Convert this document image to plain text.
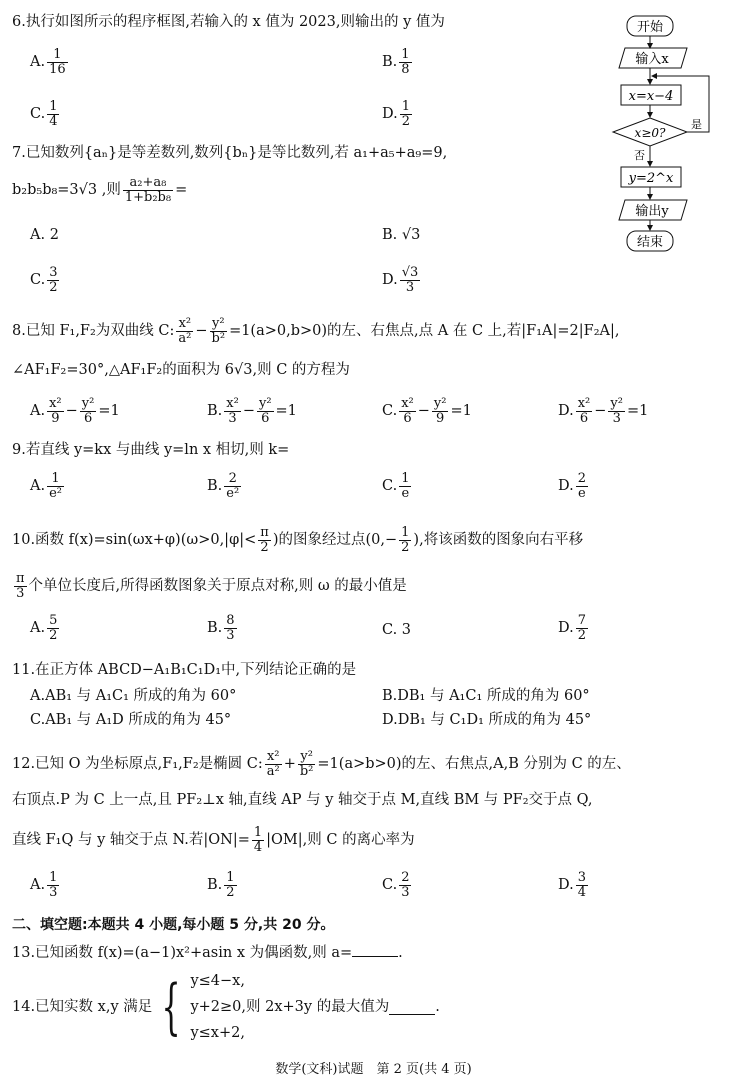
6.执行如图所示的程序框图,若输入的 x 值为 2023,则输出的 y 值为
A. $\frac{1}{16}$	B. $\frac{1}{8}$
C. $\frac{1}{4}$	D. $\frac{1}{2}$
开始
输入x
x=x−4
x≥0?
是
否
y=2^x
输出y
结束
7.已知数列{aₙ}是等差数列,数列{bₙ}是等比数列,若 a₁+a₅+a₉=9,
b₂b₅b₈=3√3 ,则 $\frac{\text{a₂+a₈}}{\text{1+b₂b₈}}$ =
A. 2	B. √3
C. $\frac{3}{2}$	D. $\frac{√3}{3}$
8.已知 F₁,F₂为双曲线 C: $\frac{\text{x²}}{\text{a²}} - \frac{\text{y²}}{\text{b²}} =1(a>0,b>0)$的左、右焦点,点 A 在 C 上,若|F₁A|=2|F₂A|,
∠AF₁F₂=30°,△AF₁F₂的面积为 6√3,则 C 的方程为
A. $\frac{\text{x²}}{9} - \frac{\text{y²}}{6} =1$	B. $\frac{\text{x²}}{3} - \frac{\text{y²}}{6} =1$	C. $\frac{\text{x²}}{6} - \frac{\text{y²}}{9} =1$	D. $\frac{\text{x²}}{6} - \frac{\text{y²}}{3} =1$
9.若直线 y=kx 与曲线 y=ln x 相切,则 k=
A. $\frac{1}{\text{e²}}$	B. $\frac{2}{\text{e²}}$	C. $\frac{1}{e}$	D. $\frac{2}{e}$
10.函数 $f(x)=\sin(\omega x+\varphi)(\omega>0,|\varphi|< \frac{\pi}{2}$ )的图象经过点($0,- \frac{1}{2}$ ),将该函数的图象向右平移
$\frac{\pi}{3}$ 个单位长度后,所得函数图象关于原点对称,则 ω 的最小值是
A. $\frac{5}{2}$	B. $\frac{8}{3}$	C. 3	D. $\frac{7}{2}$
11.在正方体 ABCD−A₁B₁C₁D₁中,下列结论正确的是
A.AB₁ 与 A₁C₁ 所成的角为 60°	B.DB₁ 与 A₁C₁ 所成的角为 60°
C.AB₁ 与 A₁D 所成的角为 45°	D.DB₁ 与 C₁D₁ 所成的角为 45°
12.已知 O 为坐标原点,F₁,F₂是椭圆 C: $\frac{\text{x²}}{\text{a²}} + \frac{\text{y²}}{\text{b²}} =1(a>b>0)$的左、右焦点,A,B 分别为 C 的左、
右顶点.P 为 C 上一点,且 PF₂⊥x 轴,直线 AP 与 y 轴交于点 M,直线 BM 与 PF₂交于点 Q,
直线 F₁Q 与 y 轴交于点 N.若$|ON|= \frac{1}{4} |OM|$,则 C 的离心率为
A. $\frac{1}{3}$	B. $\frac{1}{2}$	C. $\frac{2}{3}$	D. $\frac{3}{4}$
二、填空题:本题共 4 小题,每小题 5 分,共 20 分。
13.已知函数 f(x)=(a−1)x²+asin x 为偶函数,则 a=	.
14.已知实数 x,y 满足 { y≤4−x,
y+2≥0,
y≤x+2,
则 2x+3y 的最大值为	.
数学(文科)试题　第 2 页(共 4 页)
